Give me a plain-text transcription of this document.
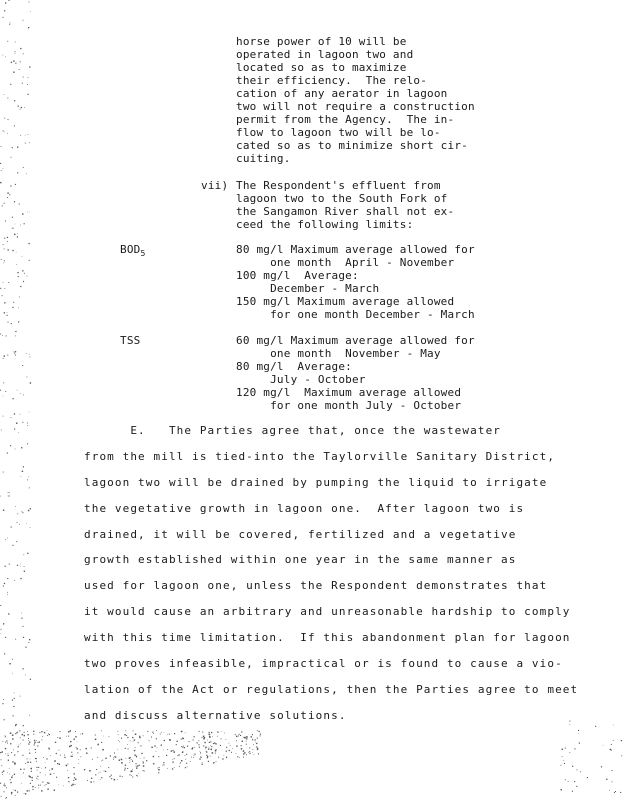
horse power of 10 will be
operated in lagoon two and
located so as to maximize
their efficiency.  The relo-
cation of any aerator in lagoon
two will not require a construction
permit from the Agency.  The in-
flow to lagoon two will be lo-
cated so as to minimize short cir-
cuiting.
vii) The Respondent's effluent from
lagoon two to the South Fork of
the Sangamon River shall not ex-
ceed the following limits:
$BOD_5$	80 mg/l Maximum average allowed for
one month  April - November
100 mg/l  Average:
December - March
150 mg/l Maximum average allowed
for one month December - March
TSS	60 mg/l Maximum average allowed for
one month  November - May
80 mg/l  Average:
July - October
120 mg/l  Maximum average allowed
for one month July - October
E.   The Parties agree that, once the wastewater
from the mill is tied-into the Taylorville Sanitary District,
lagoon two will be drained by pumping the liquid to irrigate
the vegetative growth in lagoon one.  After lagoon two is
drained, it will be covered, fertilized and a vegetative
growth established within one year in the same manner as
used for lagoon one, unless the Respondent demonstrates that
it would cause an arbitrary and unreasonable hardship to comply
with this time limitation.  If this abandonment plan for lagoon
two proves infeasible, impractical or is found to cause a vio-
lation of the Act or regulations, then the Parties agree to meet
and discuss alternative solutions.
